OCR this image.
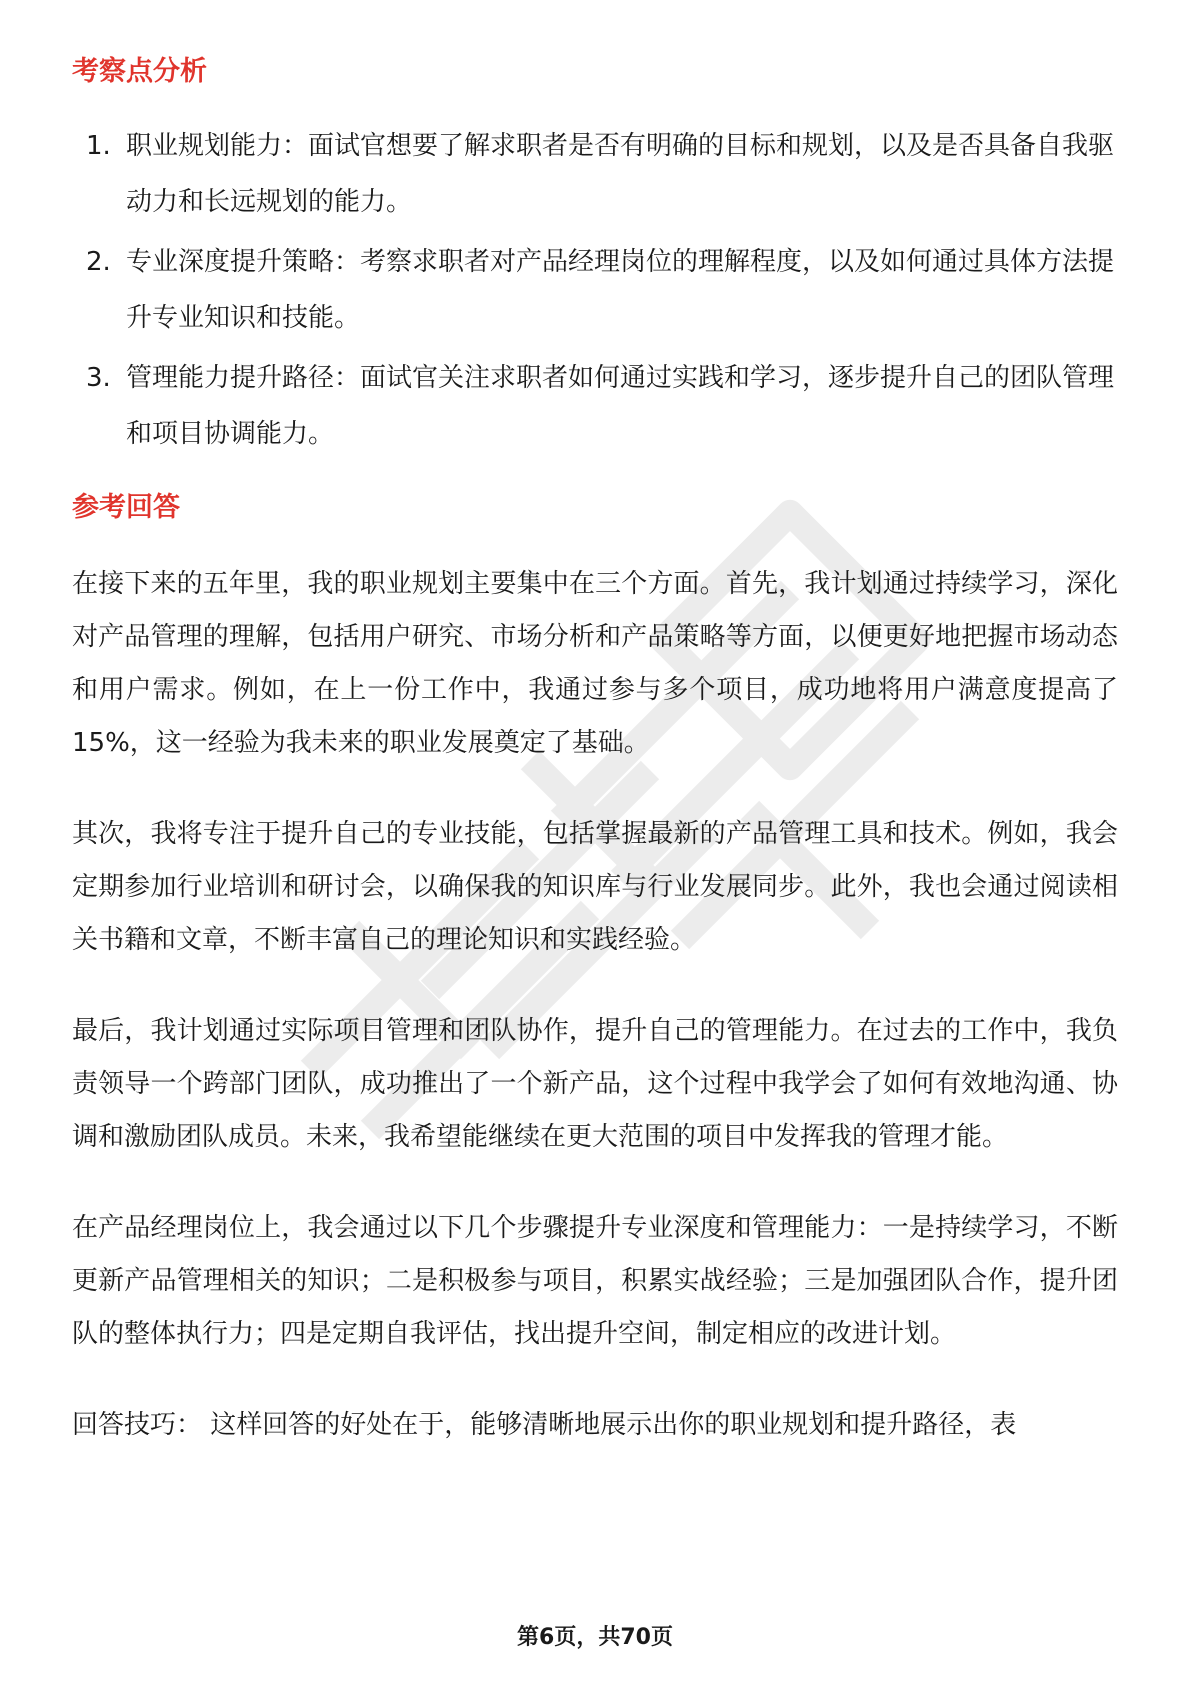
考察点分析
1. 职业规划能力：面试官想要了解求职者是否有明确的目标和规划，以及是否具备自我驱动力和长远规划的能力。
2. 专业深度提升策略：考察求职者对产品经理岗位的理解程度，以及如何通过具体方法提升专业知识和技能。
3. 管理能力提升路径：面试官关注求职者如何通过实践和学习，逐步提升自己的团队管理和项目协调能力。
参考回答

在接下来的五年里，我的职业规划主要集中在三个方面。首先，我计划通过持续学习，深化对产品管理的理解，包括用户研究、市场分析和产品策略等方面，以便更好地把握市场动态和用户需求。例如，在上一份工作中，我通过参与多个项目，成功地将用户满意度提高了15%，这一经验为我未来的职业发展奠定了基础。

其次，我将专注于提升自己的专业技能，包括掌握最新的产品管理工具和技术。例如，我会定期参加行业培训和研讨会，以确保我的知识库与行业发展同步。此外，我也会通过阅读相关书籍和文章，不断丰富自己的理论知识和实践经验。

最后，我计划通过实际项目管理和团队协作，提升自己的管理能力。在过去的工作中，我负责领导一个跨部门团队，成功推出了一个新产品，这个过程中我学会了如何有效地沟通、协调和激励团队成员。未来，我希望能继续在更大范围的项目中发挥我的管理才能。

在产品经理岗位上，我会通过以下几个步骤提升专业深度和管理能力：一是持续学习，不断更新产品管理相关的知识；二是积极参与项目，积累实战经验；三是加强团队合作，提升团队的整体执行力；四是定期自我评估，找出提升空间，制定相应的改进计划。

回答技巧： 这样回答的好处在于，能够清晰地展示出你的职业规划和提升路径，表

第6页，共70页
